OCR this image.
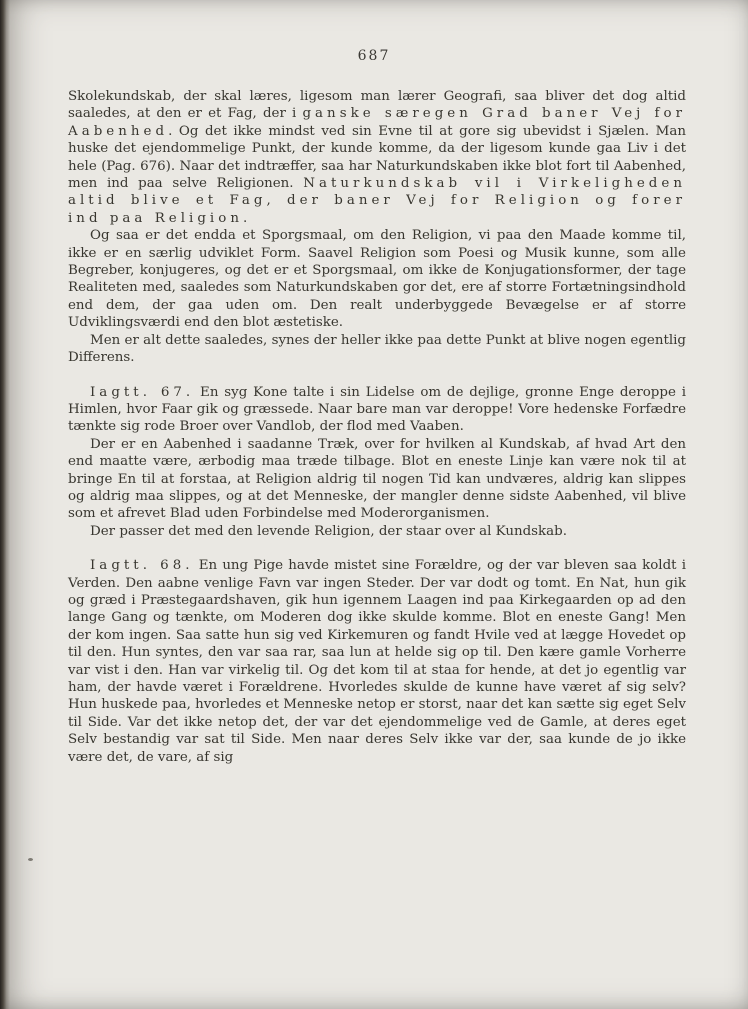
687

Skolekundskab, der skal læres, ligesom man lærer Geografi, saa bliver det dog altid saaledes, at den er et Fag, der i ganske særegen Grad baner Vej for Aabenhed. Og det ikke mindst ved sin Evne til at gore sig ubevidst i Sjælen. Man huske det ejendommelige Punkt, der kunde komme, da der ligesom kunde gaa Liv i det hele (Pag. 676). Naar det indtræffer, saa har Naturkundskaben ikke blot fort til Aabenhed, men ind paa selve Religionen. Naturkundskab vil i Virkeligheden altid blive et Fag, der baner Vej for Religion og forer ind paa Religion.

Og saa er det endda et Sporgsmaal, om den Religion, vi paa den Maade komme til, ikke er en særlig udviklet Form. Saavel Religion som Poesi og Musik kunne, som alle Begreber, konjugeres, og det er et Sporgsmaal, om ikke de Konjugationsformer, der tage Realiteten med, saaledes som Naturkundskaben gor det, ere af storre Fortætningsindhold end dem, der gaa uden om. Den realt underbyggede Bevægelse er af storre Udviklingsværdi end den blot æstetiske.

Men er alt dette saaledes, synes der heller ikke paa dette Punkt at blive nogen egentlig Differens.

Iagtt. 67. En syg Kone talte i sin Lidelse om de dejlige, gronne Enge deroppe i Himlen, hvor Faar gik og græssede. Naar bare man var deroppe! Vore hedenske Forfædre tænkte sig rode Broer over Vandlob, der flod med Vaaben.

Der er en Aabenhed i saadanne Træk, over for hvilken al Kundskab, af hvad Art den end maatte være, ærbodig maa træde tilbage. Blot en eneste Linje kan være nok til at bringe En til at forstaa, at Religion aldrig til nogen Tid kan undværes, aldrig kan slippes og aldrig maa slippes, og at det Menneske, der mangler denne sidste Aabenhed, vil blive som et afrevet Blad uden Forbindelse med Moderorganismen.

Der passer det med den levende Religion, der staar over al Kundskab.

Iagtt. 68. En ung Pige havde mistet sine Forældre, og der var bleven saa koldt i Verden. Den aabne venlige Favn var ingen Steder. Der var dodt og tomt. En Nat, hun gik og græd i Præstegaardshaven, gik hun igennem Laagen ind paa Kirkegaarden op ad den lange Gang og tænkte, om Moderen dog ikke skulde komme. Blot en eneste Gang! Men der kom ingen. Saa satte hun sig ved Kirkemuren og fandt Hvile ved at lægge Hovedet op til den. Hun syntes, den var saa rar, saa lun at helde sig op til. Den kære gamle Vorherre var vist i den. Han var virkelig til. Og det kom til at staa for hende, at det jo egentlig var ham, der havde været i Forældrene. Hvorledes skulde de kunne have været af sig selv? Hun huskede paa, hvorledes et Menneske netop er storst, naar det kan sætte sig eget Selv til Side. Var det ikke netop det, der var det ejendommelige ved de Gamle, at deres eget Selv bestandig var sat til Side. Men naar deres Selv ikke var der, saa kunde de jo ikke være det, de vare, af sig
